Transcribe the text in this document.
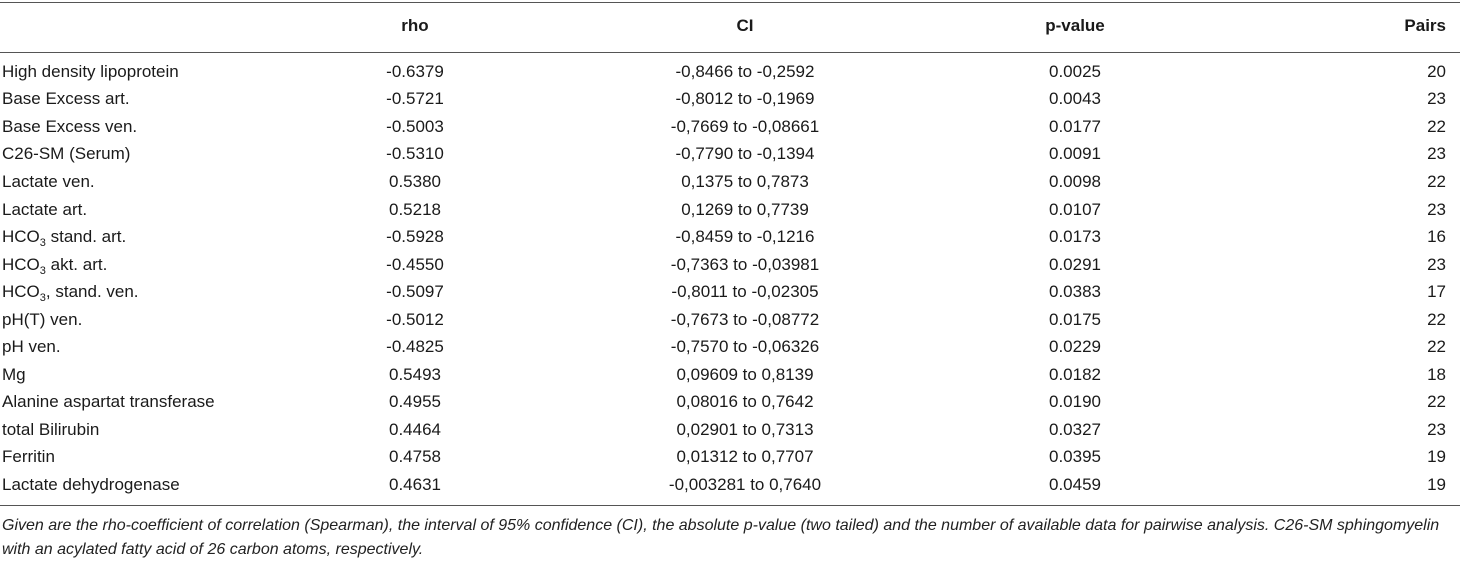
	rho	CI	p-value	Pairs
High density lipoprotein	-0.6379	-0,8466 to -0,2592	0.0025	20
Base Excess art.	-0.5721	-0,8012 to -0,1969	0.0043	23
Base Excess ven.	-0.5003	-0,7669 to -0,08661	0.0177	22
C26-SM (Serum)	-0.5310	-0,7790 to -0,1394	0.0091	23
Lactate ven.	0.5380	0,1375 to 0,7873	0.0098	22
Lactate art.	0.5218	0,1269 to 0,7739	0.0107	23
$HCO_3$ stand. art.	-0.5928	-0,8459 to -0,1216	0.0173	16
$HCO_3$ akt. art.	-0.4550	-0,7363 to -0,03981	0.0291	23
$HCO_3$, stand. ven.	-0.5097	-0,8011 to -0,02305	0.0383	17
pH(T) ven.	-0.5012	-0,7673 to -0,08772	0.0175	22
pH ven.	-0.4825	-0,7570 to -0,06326	0.0229	22
Mg	0.5493	0,09609 to 0,8139	0.0182	18
Alanine aspartat transferase	0.4955	0,08016 to 0,7642	0.0190	22
total Bilirubin	0.4464	0,02901 to 0,7313	0.0327	23
Ferritin	0.4758	0,01312 to 0,7707	0.0395	19
Lactate dehydrogenase	0.4631	-0,003281 to 0,7640	0.0459	19
Given are the rho-coefficient of correlation (Spearman), the interval of 95% confidence (CI), the absolute p-value (two tailed) and the number of available data for pairwise analysis. C26-SM sphingomyelin with an acylated fatty acid of 26 carbon atoms, respectively.
